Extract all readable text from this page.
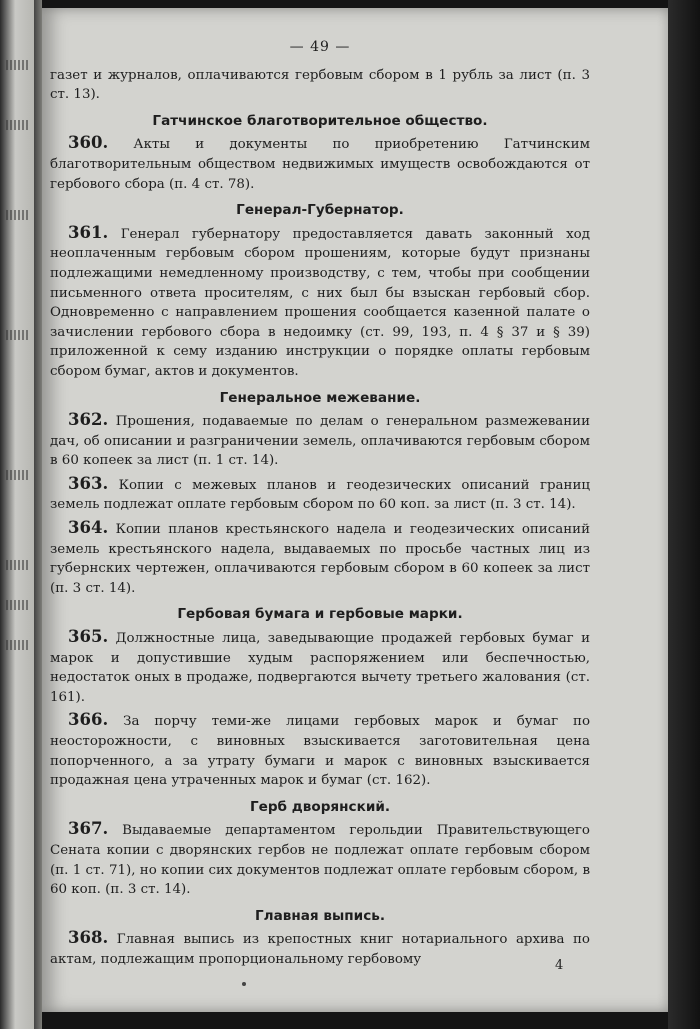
— 49 —

газет и журналов, оплачиваются гербовым сбором в 1 рубль за лист (п. 3 ст. 13).

Гатчинское благотворительное общество.

360. Акты и документы по приобретению Гатчинским благотворительным обществом недвижимых имуществ освобождаются от гербового сбора (п. 4 ст. 78).

Генерал-Губернатор.

361. Генерал губернатору предоставляется давать законный ход неоплаченным гербовым сбором прошениям, которые будут признаны подлежащими немедленному производству, с тем, чтобы при сообщении письменного ответа просителям, с них был бы взыскан гербовый сбор. Одновременно с направлением прошения сообщается казенной палате о зачислении гербового сбора в недоимку (ст. 99, 193, п. 4 § 37 и § 39) приложенной к сему изданию инструкции о порядке оплаты гербовым сбором бумаг, актов и документов.

Генеральное межевание.

362. Прошения, подаваемые по делам о генеральном размежевании дач, об описании и разграничении земель, оплачиваются гербовым сбором в 60 копеек за лист (п. 1 ст. 14).

363. Копии с межевых планов и геодезических описаний границ земель подлежат оплате гербовым сбором по 60 коп. за лист (п. 3 ст. 14).

364. Копии планов крестьянского надела и геодезических описаний земель крестьянского надела, выдаваемых по просьбе частных лиц из губернских чертежен, оплачиваются гербовым сбором в 60 копеек за лист (п. 3 ст. 14).

Гербовая бумага и гербовые марки.

365. Должностные лица, заведывающие продажей гербовых бумаг и марок и допустившие худым распоряжением или беспечностью, недостаток оных в продаже, подвергаются вычету третьего жалования (ст. 161).

366. За порчу теми-же лицами гербовых марок и бумаг по неосторожности, с виновных взыскивается заготовительная цена попорченного, а за утрату бумаги и марок с виновных взыскивается продажная цена утраченных марок и бумаг (ст. 162).

Герб дворянский.

367. Выдаваемые департаментом герольдии Правительствующего Сената копии с дворянских гербов не подлежат оплате гербовым сбором (п. 1 ст. 71), но копии сих документов подлежат оплате гербовым сбором, в 60 коп. (п. 3 ст. 14).

Главная выпись.

368. Главная выпись из крепостных книг нотариального архива по актам, подлежащим пропорциональному гербовому	4
